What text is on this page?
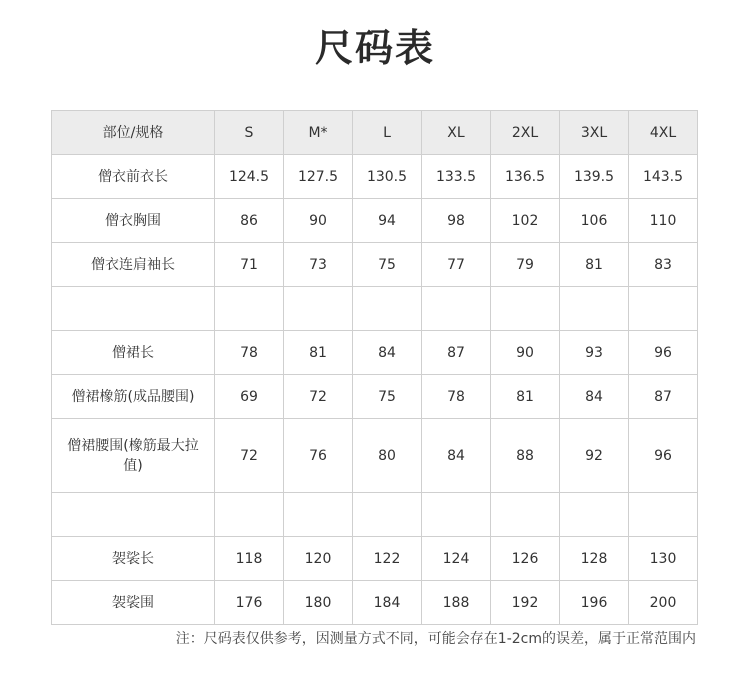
尺码表
部位/规格	S	M*	L	XL	2XL	3XL	4XL
僧衣前衣长	124.5	127.5	130.5	133.5	136.5	139.5	143.5
僧衣胸围	86	90	94	98	102	106	110
僧衣连肩袖长	71	73	75	77	79	81	83

僧裙长	78	81	84	87	90	93	96
僧裙橡筋(成品腰围)	69	72	75	78	81	84	87
僧裙腰围(橡筋最大拉值)	72	76	80	84	88	92	96

袈裟长	118	120	122	124	126	128	130
袈裟围	176	180	184	188	192	196	200
注：尺码表仅供参考，因测量方式不同，可能会存在1-2cm的误差，属于正常范围内
